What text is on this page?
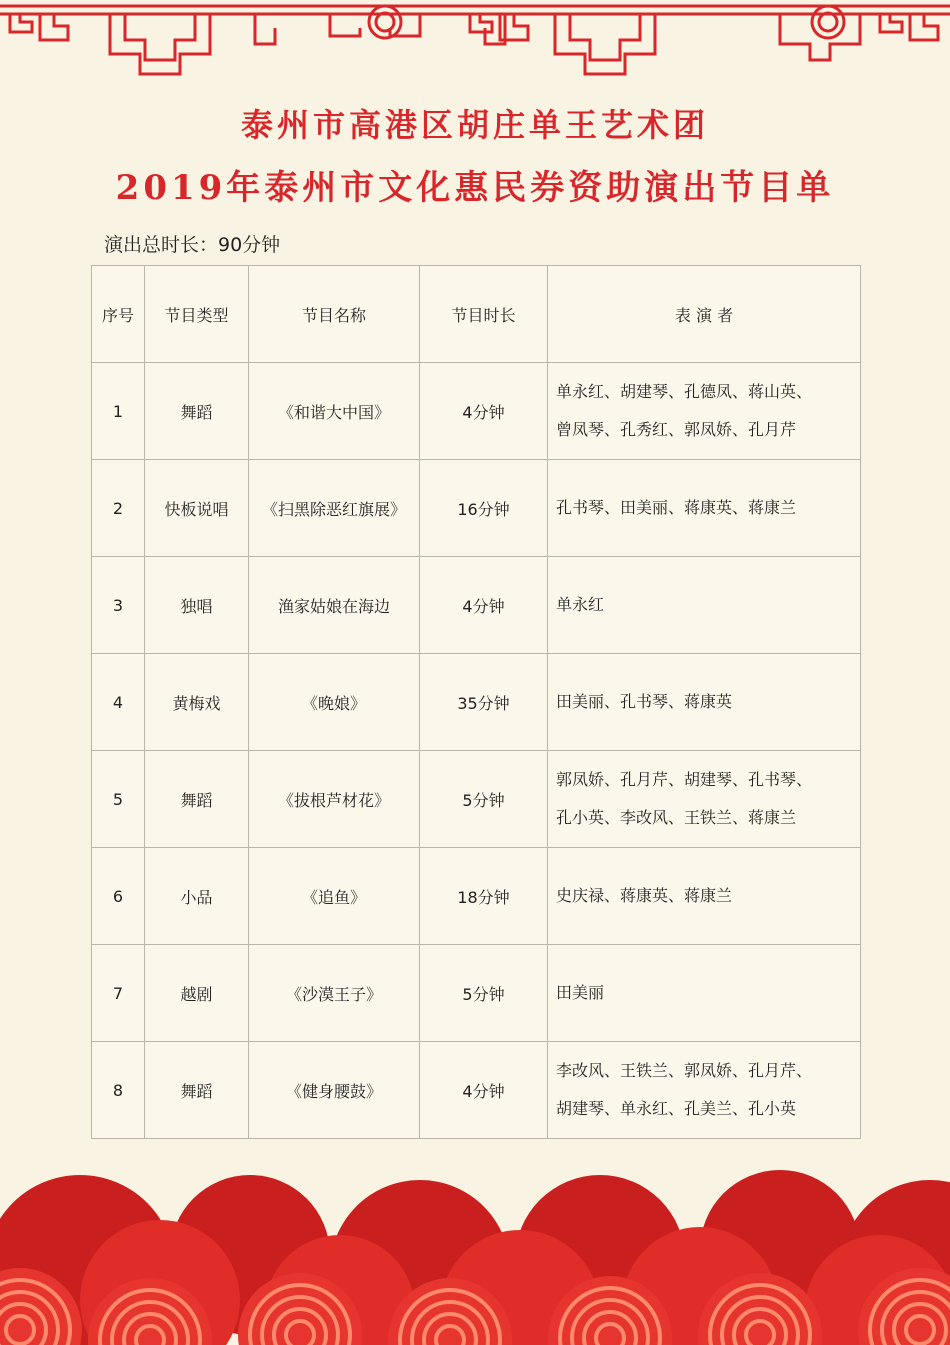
泰州市高港区胡庄单王艺术团
2019年泰州市文化惠民券资助演出节目单
演出总时长：90分钟
序号	节目类型	节目名称	节目时长	表 演 者
1	舞蹈	《和谐大中国》	4分钟	单永红、胡建琴、孔德凤、蒋山英、
曾凤琴、孔秀红、郭凤娇、孔月芹

2	快板说唱	《扫黑除恶红旗展》	16分钟	孔书琴、田美丽、蒋康英、蒋康兰

3	独唱	渔家姑娘在海边	4分钟	单永红

4	黄梅戏	《晚娘》	35分钟	田美丽、孔书琴、蒋康英

5	舞蹈	《拔根芦材花》	5分钟	郭凤娇、孔月芹、胡建琴、孔书琴、
孔小英、李改风、王铁兰、蒋康兰

6	小品	《追鱼》	18分钟	史庆禄、蒋康英、蒋康兰

7	越剧	《沙漠王子》	5分钟	田美丽

8	舞蹈	《健身腰鼓》	4分钟	李改风、王铁兰、郭凤娇、孔月芹、
胡建琴、单永红、孔美兰、孔小英
